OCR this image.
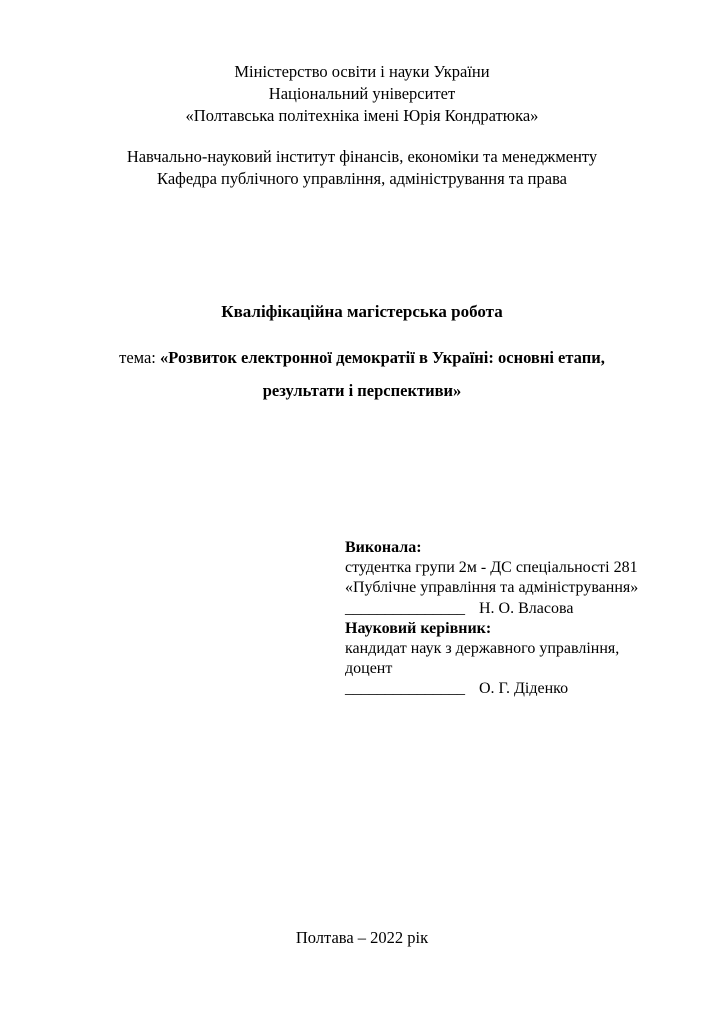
Міністерство освіти і науки України

Національний університет

«Полтавська політехніка імені Юрія Кондратюка»

Навчально-науковий інститут фінансів, економіки та менеджменту

Кафедра публічного управління, адміністрування та права

Кваліфікаційна магістерська робота

тема: «Розвиток електронної демократії в Україні: основні етапи,

результати і перспективи»

Виконала:

студентка групи 2м - ДС спеціальності 281

«Публічне управління та адміністрування»

_______________ Н. О. Власова

Науковий керівник:

кандидат наук з державного управління,

доцент

_______________ О. Г. Діденко

Полтава – 2022 рік
